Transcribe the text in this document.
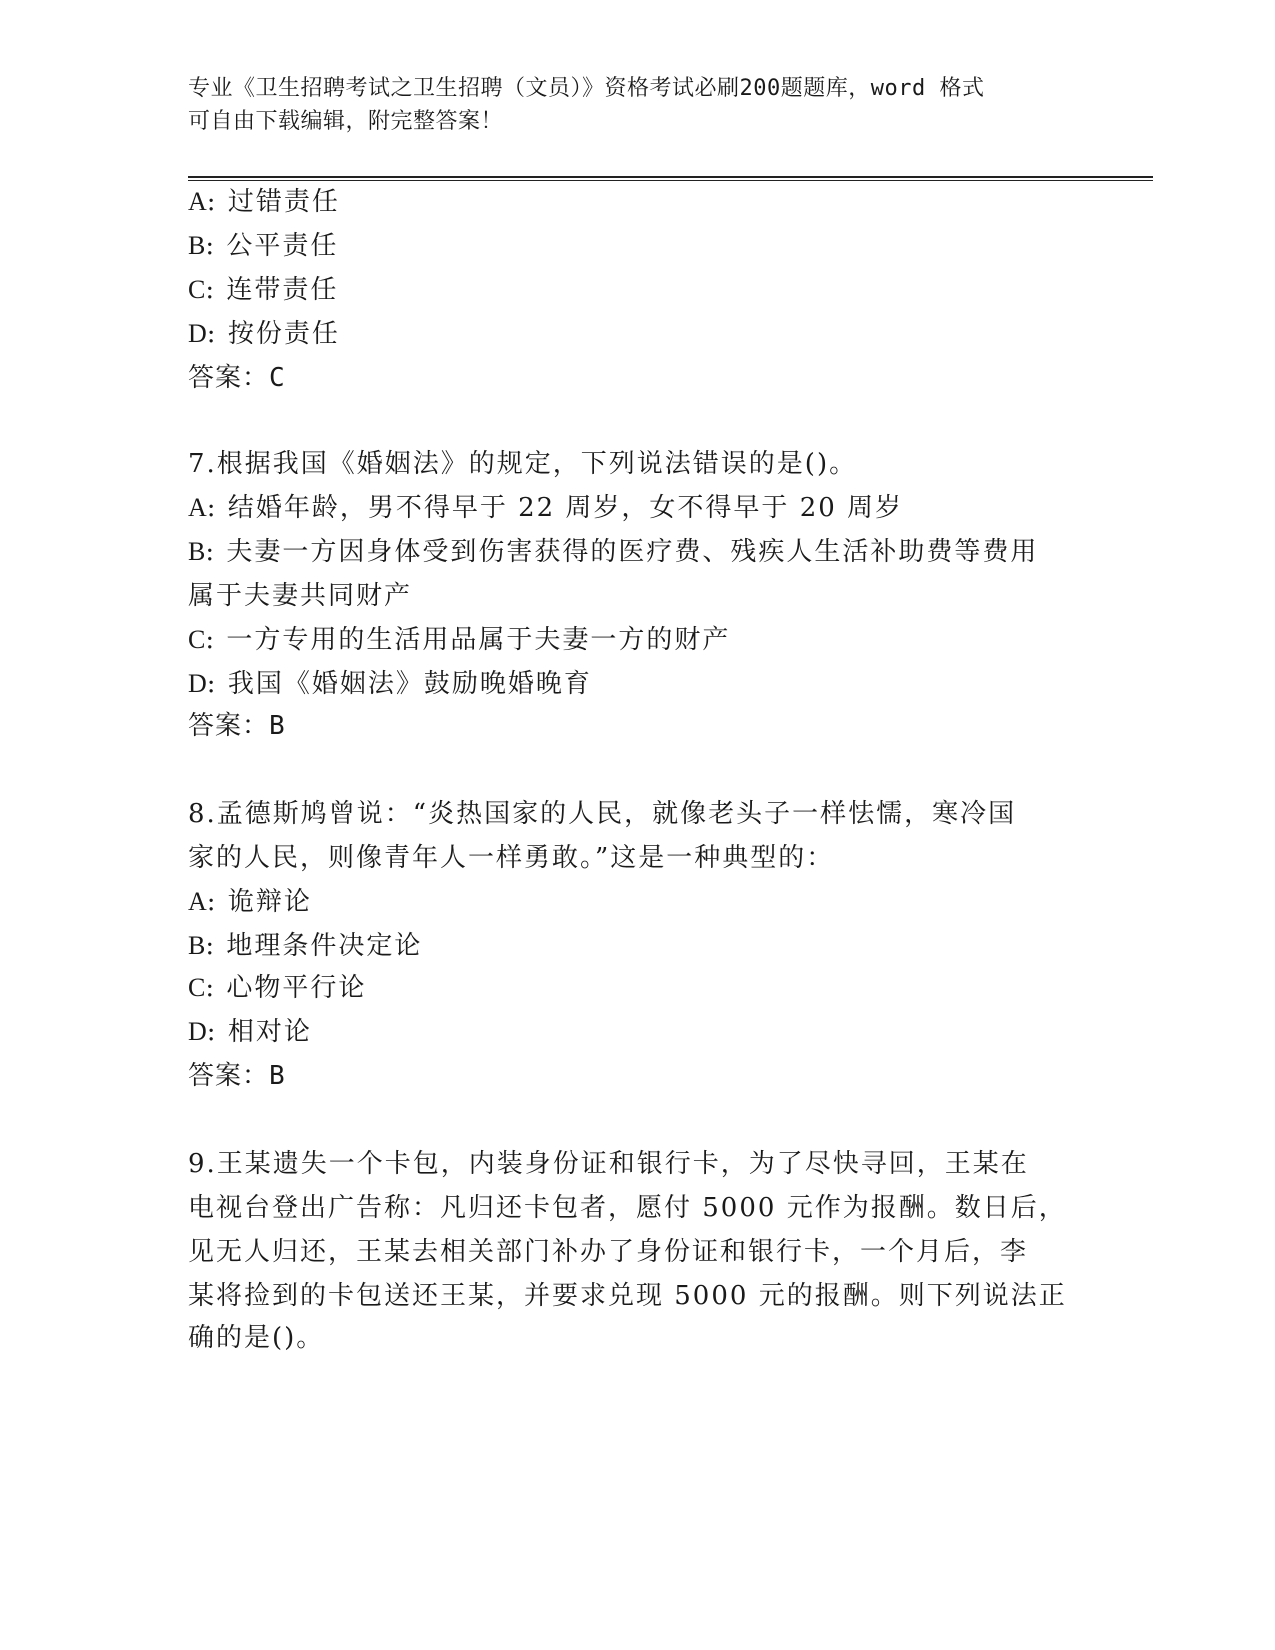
专业《卫生招聘考试之卫生招聘（文员）》资格考试必刷200题题库，word 格式
可自由下载编辑，附完整答案！
A: 过错责任
B: 公平责任
C: 连带责任
D: 按份责任
答案：C
7.根据我国《婚姻法》的规定，下列说法错误的是()。
A: 结婚年龄，男不得早于 22 周岁，女不得早于 20 周岁
B: 夫妻一方因身体受到伤害获得的医疗费、残疾人生活补助费等费用
属于夫妻共同财产
C: 一方专用的生活用品属于夫妻一方的财产
D: 我国《婚姻法》鼓励晚婚晚育
答案：B
8.孟德斯鸠曾说：“炎热国家的人民，就像老头子一样怯懦，寒冷国
家的人民，则像青年人一样勇敢。”这是一种典型的：
A: 诡辩论
B: 地理条件决定论
C: 心物平行论
D: 相对论
答案：B
9.王某遗失一个卡包，内装身份证和银行卡，为了尽快寻回，王某在
电视台登出广告称：凡归还卡包者，愿付 5000 元作为报酬。数日后，
见无人归还，王某去相关部门补办了身份证和银行卡，一个月后，李
某将捡到的卡包送还王某，并要求兑现 5000 元的报酬。则下列说法正
确的是()。
